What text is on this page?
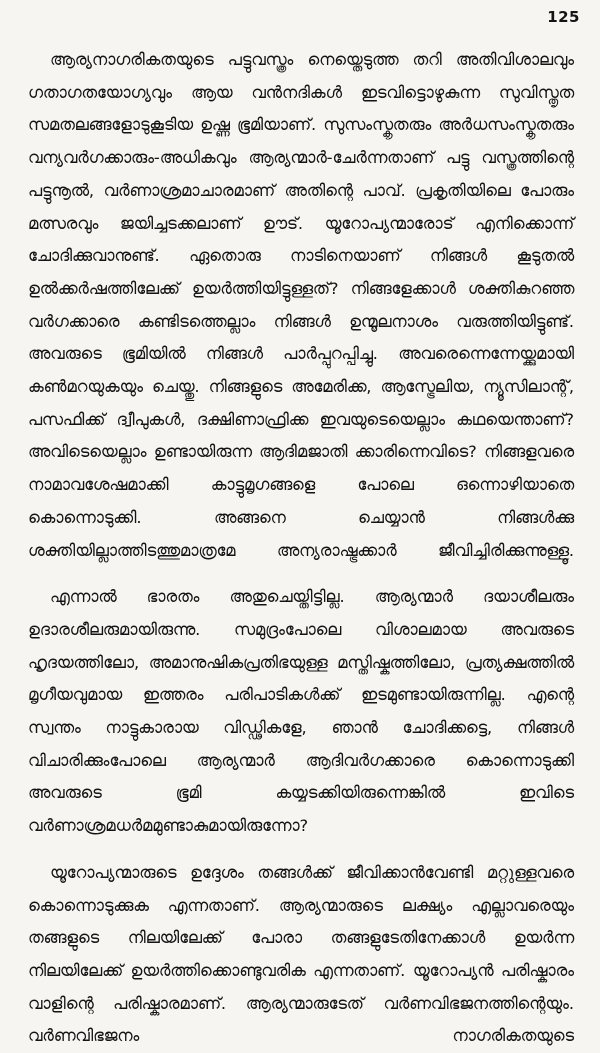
125

ആര്യനാഗരികതയുടെ പട്ടുവസ്ത്രം നെയ്തെടുത്ത തറി അതിവിശാലവും ഗതാഗതയോഗ്യവും ആയ വൻനദികൾ ഇടവിട്ടൊഴുകുന്ന സുവിസ്തൃത സമതലങ്ങളോടുകൂടിയ ഉഷ്ണ ഭൂമിയാണ്. സുസംസ്കൃതരും അർധസംസ്കൃതരും വന്യവർഗക്കാരും-അധികവും ആര്യന്മാർ-ചേർന്നതാണ് പട്ടു വസ്ത്രത്തിന്റെ പട്ടുനൂൽ, വർണാശ്രമാചാരമാണ് അതിന്റെ പാവ്. പ്രകൃതിയിലെ പോരും മത്സരവും ജയിച്ചടക്കലാണ് ഊട്. യൂറോപ്യന്മാരോട് എനിക്കൊന്ന് ചോദിക്കുവാനുണ്ട്. ഏതൊരു നാടിനെയാണ് നിങ്ങൾ കൂടുതൽ ഉൽക്കർഷത്തിലേക്ക് ഉയർത്തിയിട്ടുള്ളത്? നിങ്ങളേക്കാൾ ശക്തികുറഞ്ഞ വർഗക്കാരെ കണ്ടിടത്തെല്ലാം നിങ്ങൾ ഉന്മൂലനാശം വരുത്തിയിട്ടുണ്ട്. അവരുടെ ഭൂമിയിൽ നിങ്ങൾ പാർപ്പുറപ്പിച്ചു. അവരെന്നെന്നേയ്ക്കുമായി കൺമറയുകയും ചെയ്തു. നിങ്ങളുടെ അമേരിക്ക, ആസ്ട്രേലിയ, ന്യൂസിലാന്റ്, പസഫിക്ക് ദ്വീപുകൾ, ദക്ഷിണാഫ്രിക്ക ഇവയുടെയെല്ലാം കഥയെന്താണ്? അവിടെയെല്ലാം ഉണ്ടായിരുന്ന ആദിമജാതി ക്കാരിന്നെവിടെ? നിങ്ങളവരെ നാമാവശേഷമാക്കി കാട്ടുമൃഗങ്ങളെ പോലെ ഒന്നൊഴിയാതെ കൊന്നൊടുക്കി. അങ്ങനെ ചെയ്യാൻ നിങ്ങൾക്കു ശക്തിയില്ലാത്തിടത്തുമാത്രമേ അന്യരാഷ്ട്രക്കാർ ജീവിച്ചിരിക്കുന്നുള്ളൂ.

എന്നാൽ ഭാരതം അതുചെയ്തിട്ടില്ല. ആര്യന്മാർ ദയാശീലരും ഉദാരശീലരുമായിരുന്നു. സമുദ്രംപോലെ വിശാലമായ അവരുടെ ഹൃദയത്തിലോ, അമാനുഷികപ്രതിഭയുള്ള മസ്തിഷ്കത്തിലോ, പ്രത്യക്ഷത്തിൽ മൃഗീയവുമായ ഇത്തരം പരിപാടികൾക്ക് ഇടമുണ്ടായിരുന്നില്ല. എന്റെ സ്വന്തം നാട്ടുകാരായ വിഡ്ഢികളേ, ഞാൻ ചോദിക്കട്ടെ, നിങ്ങൾ വിചാരിക്കുംപോലെ ആര്യന്മാർ ആദിവർഗക്കാരെ കൊന്നൊടുക്കി അവരുടെ ഭൂമി കയ്യടക്കിയിരുന്നെങ്കിൽ ഇവിടെ വർണാശ്രമധർമമുണ്ടാകുമായിരുന്നോ?

യൂറോപ്യന്മാരുടെ ഉദ്ദേശം തങ്ങൾക്ക് ജീവിക്കാൻവേണ്ടി മറ്റുള്ളവരെ കൊന്നൊടുക്കുക എന്നതാണ്. ആര്യന്മാരുടെ ലക്ഷ്യം എല്ലാവരെയും തങ്ങളുടെ നിലയിലേക്ക് പോരാ തങ്ങളുടേതിനേക്കാൾ ഉയർന്ന നിലയിലേക്ക് ഉയർത്തിക്കൊണ്ടുവരിക എന്നതാണ്. യൂറോപ്യൻ പരിഷ്കാരം വാളിന്റെ പരിഷ്കാരമാണ്. ആര്യന്മാരുടേത് വർണവിഭജനത്തിന്റെയും. വർണവിഭജനം നാഗരികതയുടെ
